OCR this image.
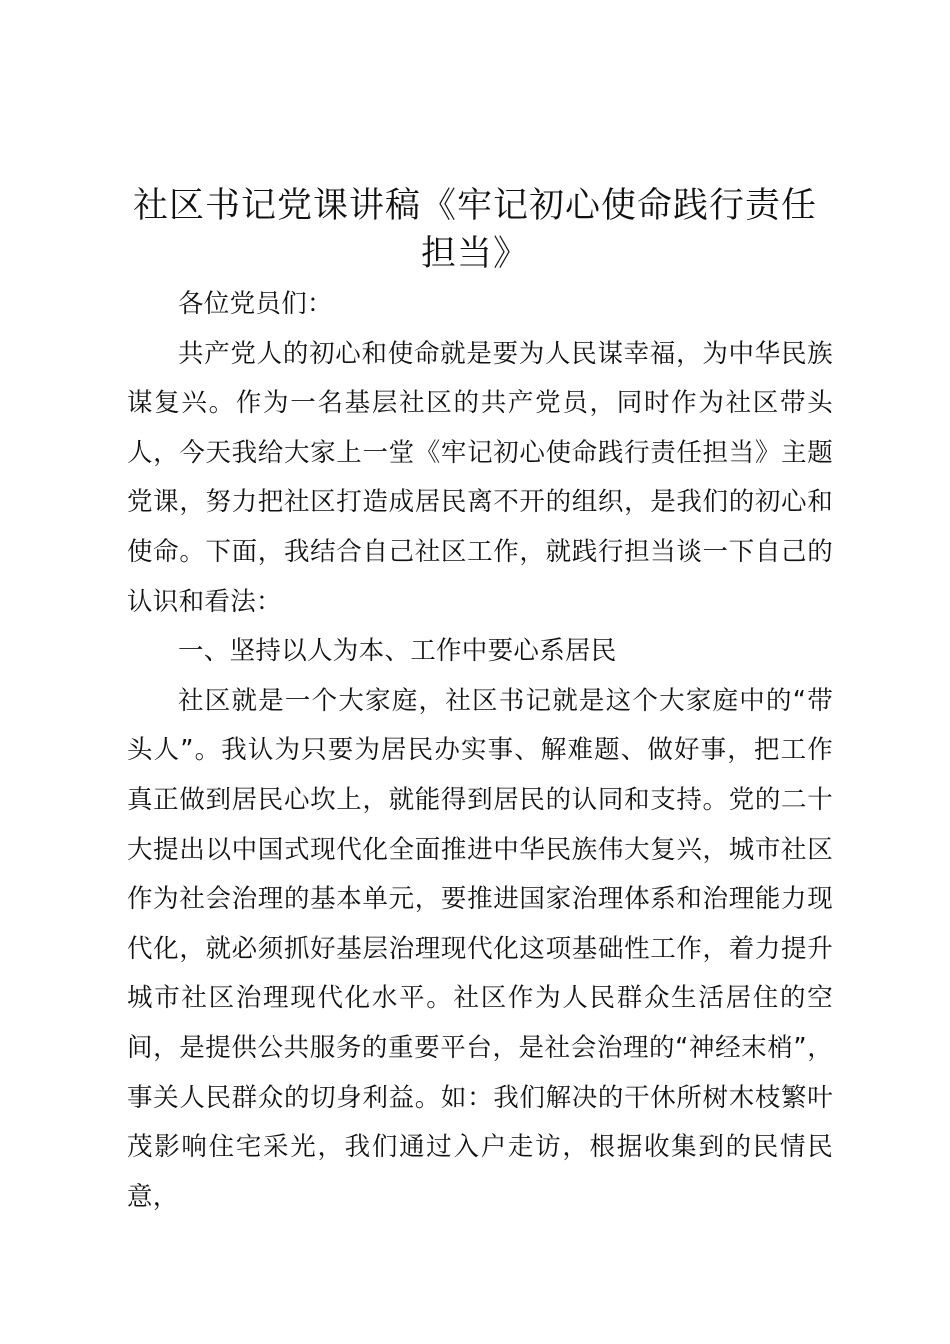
社区书记党课讲稿《牢记初心使命践行责任担当》

各位党员们：

共产党人的初心和使命就是要为人民谋幸福，为中华民族谋复兴。作为一名基层社区的共产党员，同时作为社区带头人，今天我给大家上一堂《牢记初心使命践行责任担当》主题党课，努力把社区打造成居民离不开的组织，是我们的初心和使命。下面，我结合自己社区工作，就践行担当谈一下自己的认识和看法：

一、坚持以人为本、工作中要心系居民

社区就是一个大家庭，社区书记就是这个大家庭中的“带头人”。我认为只要为居民办实事、解难题、做好事，把工作真正做到居民心坎上，就能得到居民的认同和支持。党的二十大提出以中国式现代化全面推进中华民族伟大复兴，城市社区作为社会治理的基本单元，要推进国家治理体系和治理能力现代化，就必须抓好基层治理现代化这项基础性工作，着力提升城市社区治理现代化水平。社区作为人民群众生活居住的空间，是提供公共服务的重要平台，是社会治理的“神经末梢”，事关人民群众的切身利益。如：我们解决的干休所树木枝繁叶茂影响住宅采光，我们通过入户走访，根据收集到的民情民意，
